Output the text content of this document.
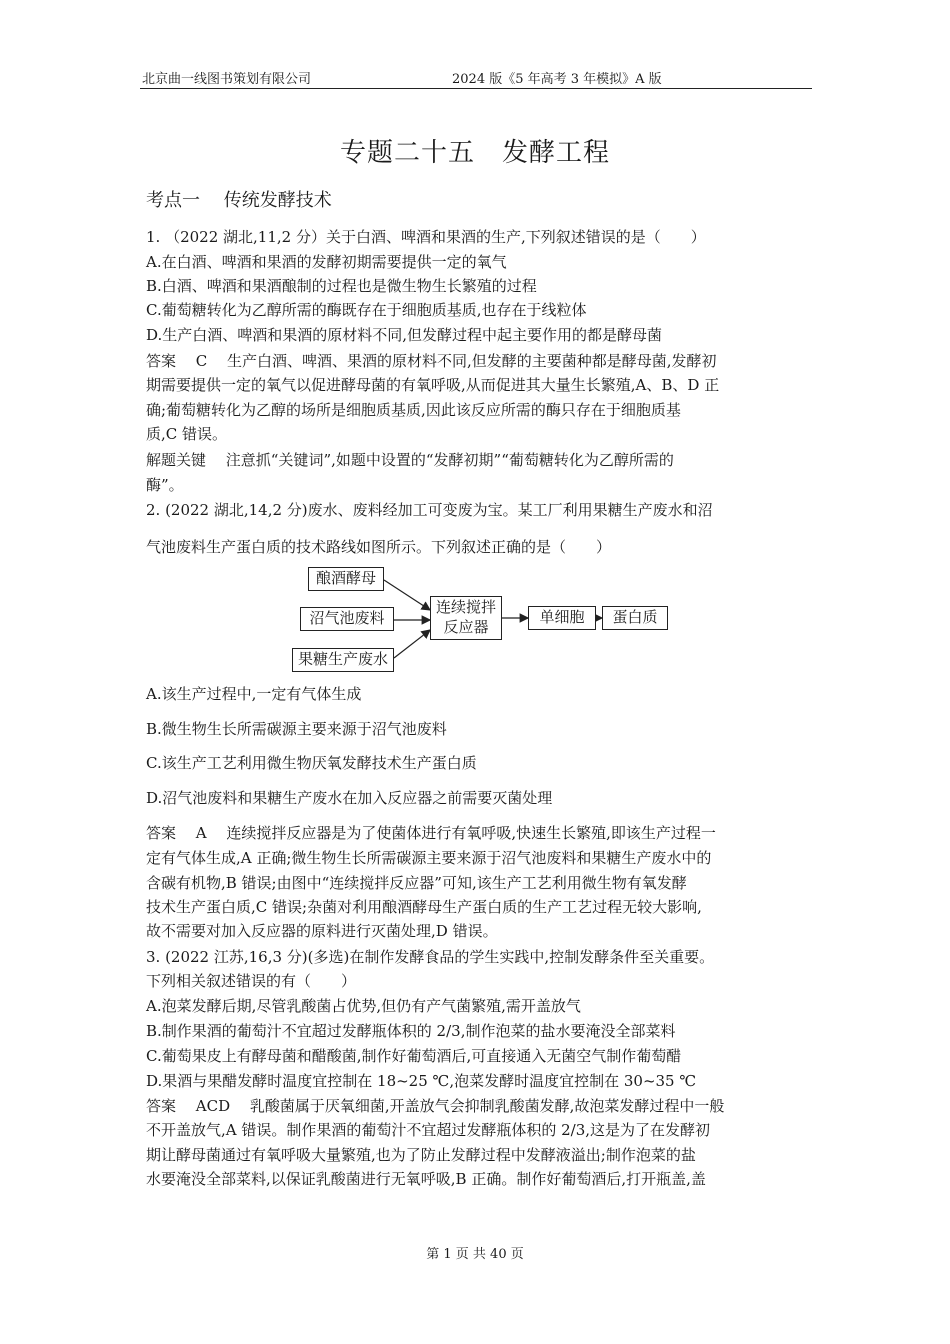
北京曲一线图书策划有限公司	2024 版《5 年高考 3 年模拟》A 版
专题二十五　发酵工程
考点一　 传统发酵技术
1. （2022 湖北,11,2 分）关于白酒、啤酒和果酒的生产,下列叙述错误的是（　　）
A.在白酒、啤酒和果酒的发酵初期需要提供一定的氧气
B.白酒、啤酒和果酒酿制的过程也是微生物生长繁殖的过程
C.葡萄糖转化为乙醇所需的酶既存在于细胞质基质,也存在于线粒体
D.生产白酒、啤酒和果酒的原材料不同,但发酵过程中起主要作用的都是酵母菌
答案　 C　 生产白酒、啤酒、果酒的原材料不同,但发酵的主要菌种都是酵母菌,发酵初
期需要提供一定的氧气以促进酵母菌的有氧呼吸,从而促进其大量生长繁殖,A、B、D 正
确;葡萄糖转化为乙醇的场所是细胞质基质,因此该反应所需的酶只存在于细胞质基
质,C 错误。
解题关键　 注意抓“关键词”,如题中设置的“发酵初期”“葡萄糖转化为乙醇所需的
酶”。
2. (2022 湖北,14,2 分)废水、废料经加工可变废为宝。某工厂利用果糖生产废水和沼
气池废料生产蛋白质的技术路线如图所示。下列叙述正确的是（　　）
酿酒酵母
沼气池废料
果糖生产废水
连续搅拌
反应器
单细胞	蛋白质
A.该生产过程中,一定有气体生成
B.微生物生长所需碳源主要来源于沼气池废料
C.该生产工艺利用微生物厌氧发酵技术生产蛋白质
D.沼气池废料和果糖生产废水在加入反应器之前需要灭菌处理
答案　 A　 连续搅拌反应器是为了使菌体进行有氧呼吸,快速生长繁殖,即该生产过程一
定有气体生成,A 正确;微生物生长所需碳源主要来源于沼气池废料和果糖生产废水中的
含碳有机物,B 错误;由图中“连续搅拌反应器”可知,该生产工艺利用微生物有氧发酵
技术生产蛋白质,C 错误;杂菌对利用酿酒酵母生产蛋白质的生产工艺过程无较大影响,
故不需要对加入反应器的原料进行灭菌处理,D 错误。
3. (2022 江苏,16,3 分)(多选)在制作发酵食品的学生实践中,控制发酵条件至关重要。
下列相关叙述错误的有（　　）
A.泡菜发酵后期,尽管乳酸菌占优势,但仍有产气菌繁殖,需开盖放气
B.制作果酒的葡萄汁不宜超过发酵瓶体积的 2/3,制作泡菜的盐水要淹没全部菜料
C.葡萄果皮上有酵母菌和醋酸菌,制作好葡萄酒后,可直接通入无菌空气制作葡萄醋
D.果酒与果醋发酵时温度宜控制在 18~25 ℃,泡菜发酵时温度宜控制在 30~35 ℃
答案　 ACD　 乳酸菌属于厌氧细菌,开盖放气会抑制乳酸菌发酵,故泡菜发酵过程中一般
不开盖放气,A 错误。制作果酒的葡萄汁不宜超过发酵瓶体积的 2/3,这是为了在发酵初
期让酵母菌通过有氧呼吸大量繁殖,也为了防止发酵过程中发酵液溢出;制作泡菜的盐
水要淹没全部菜料,以保证乳酸菌进行无氧呼吸,B 正确。制作好葡萄酒后,打开瓶盖,盖
第 1 页 共 40 页
